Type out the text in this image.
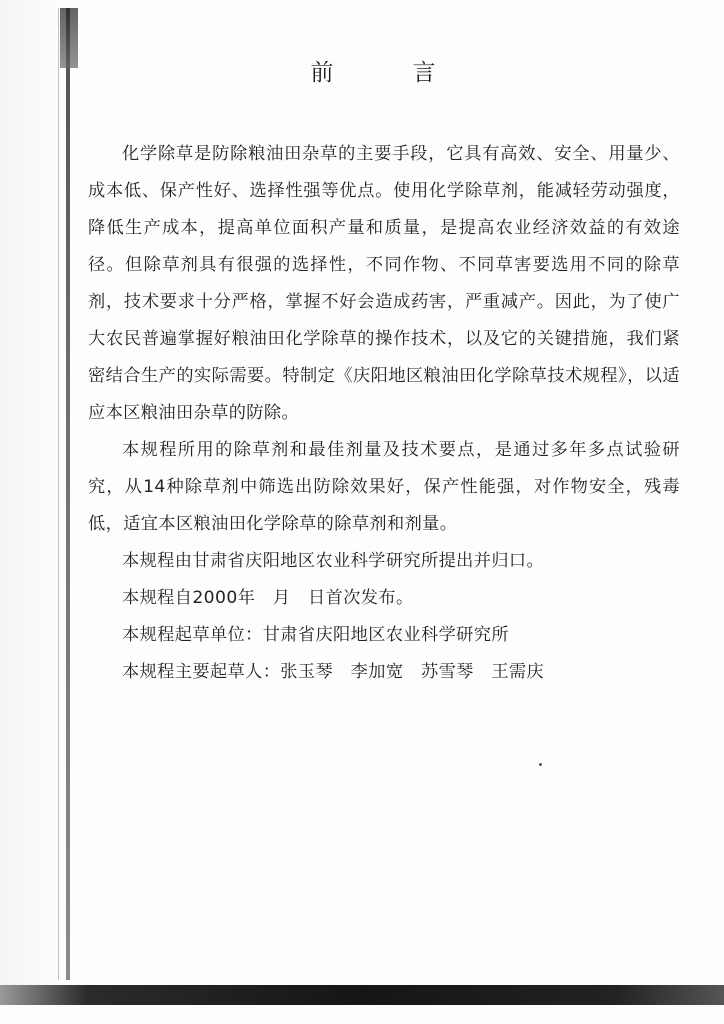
前　言

化学除草是防除粮油田杂草的主要手段，它具有高效、安全、用量少、成本低、保产性好、选择性强等优点。使用化学除草剂，能减轻劳动强度，降低生产成本，提高单位面积产量和质量，是提高农业经济效益的有效途径。但除草剂具有很强的选择性，不同作物、不同草害要选用不同的除草剂，技术要求十分严格，掌握不好会造成药害，严重减产。因此，为了使广大农民普遍掌握好粮油田化学除草的操作技术，以及它的关键措施，我们紧密结合生产的实际需要。特制定《庆阳地区粮油田化学除草技术规程》，以适应本区粮油田杂草的防除。

本规程所用的除草剂和最佳剂量及技术要点，是通过多年多点试验研究，从14种除草剂中筛选出防除效果好，保产性能强，对作物安全，残毒低，适宜本区粮油田化学除草的除草剂和剂量。

本规程由甘肃省庆阳地区农业科学研究所提出并归口。

本规程自2000年　月　日首次发布。

本规程起草单位：甘肃省庆阳地区农业科学研究所

本规程主要起草人：张玉琴　李加宽　苏雪琴　王需庆
